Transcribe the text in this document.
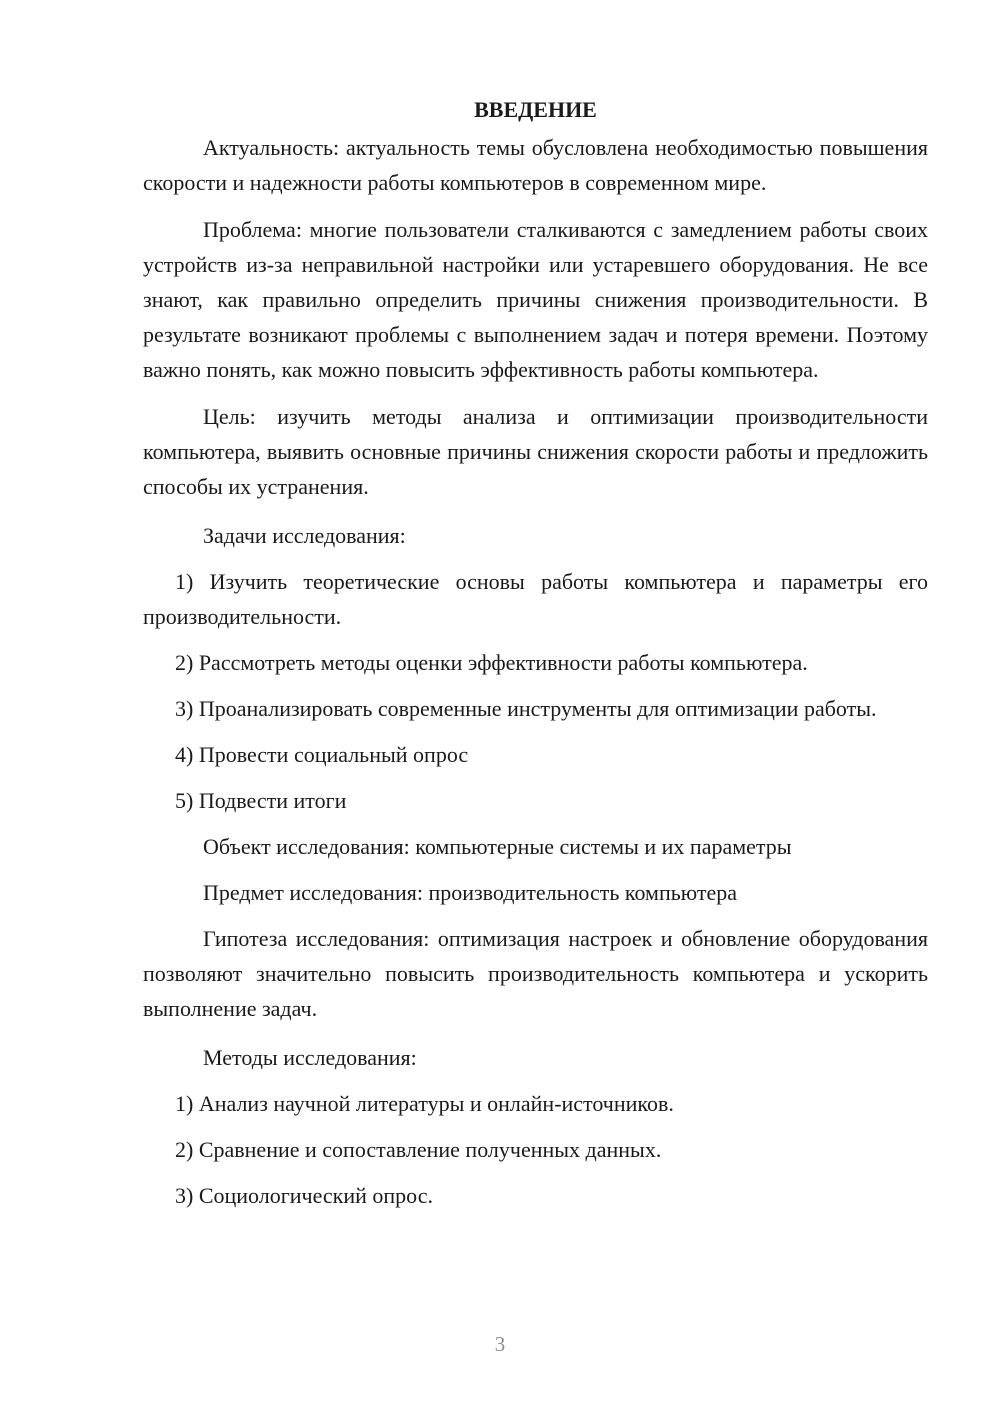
ВВЕДЕНИЕ

Актуальность: актуальность темы обусловлена необходимостью повышения скорости и надежности работы компьютеров в современном мире.

Проблема: многие пользователи сталкиваются с замедлением работы своих устройств из-за неправильной настройки или устаревшего оборудования. Не все знают, как правильно определить причины снижения производительности. В результате возникают проблемы с выполнением задач и потеря времени. Поэтому важно понять, как можно повысить эффективность работы компьютера.

Цель: изучить методы анализа и оптимизации производительности компьютера, выявить основные причины снижения скорости работы и предложить способы их устранения.

Задачи исследования:

1) Изучить теоретические основы работы компьютера и параметры его производительности.

2) Рассмотреть методы оценки эффективности работы компьютера.

3) Проанализировать современные инструменты для оптимизации работы.

4) Провести социальный опрос

5) Подвести итоги

Объект исследования: компьютерные системы и их параметры

Предмет исследования: производительность компьютера

Гипотеза исследования: оптимизация настроек и обновление оборудования позволяют значительно повысить производительность компьютера и ускорить выполнение задач.

Методы исследования:

1) Анализ научной литературы и онлайн-источников.

2) Сравнение и сопоставление полученных данных.

3) Социологический опрос.

3
